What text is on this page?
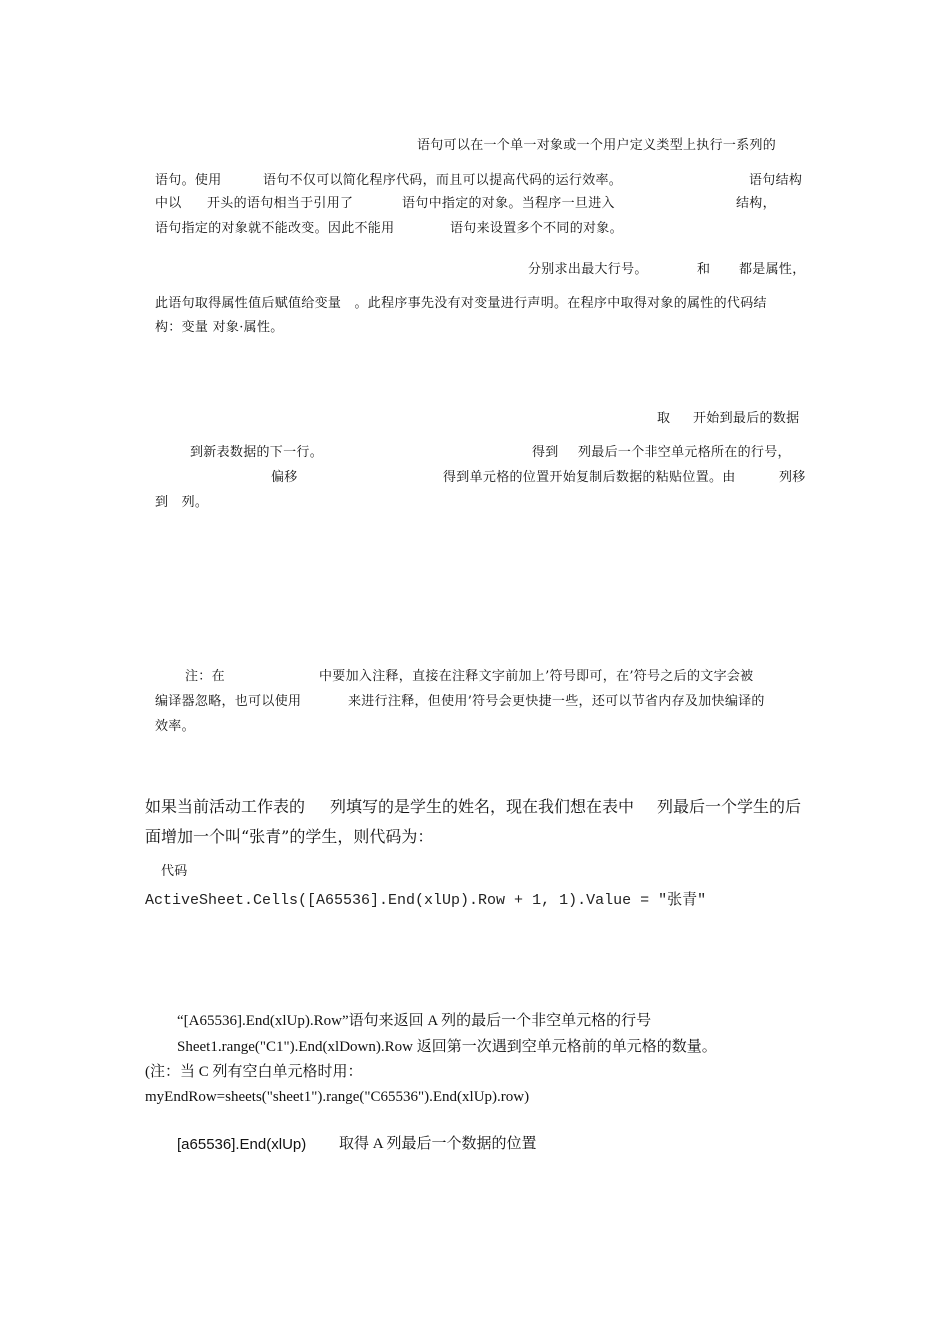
语句可以在一个单一对象或一个用户定义类型上执行一系列的

语句。使用	语句不仅可以简化程序代码，而且可以提高代码的运行效率。	语句结构

中以 开头的语句相当于引用了	语句中指定的对象。当程序一旦进入	结构，

语句指定的对象就不能改变。因此不能用	语句来设置多个不同的对象。

分别求出最大行号。	和 都是属性，

此语句取得属性值后赋值给变量　。此程序事先没有对变量进行声明。在程序中取得对象的属性的代码结

构：变量 对象·属性。

取 开始到最后的数据

到新表数据的下一行。	得到 列最后一个非空单元格所在的行号，

偏移	得到单元格的位置开始复制后数据的粘贴位置。由	列移

到　列。

注：在	中要加入注释，直接在注释文字前加上’符号即可，在’符号之后的文字会被

编译器忽略，也可以使用	来进行注释，但使用’符号会更快捷一些，还可以节省内存及加快编译的

效率。

如果当前活动工作表的 列填写的是学生的姓名，现在我们想在表中 列最后一个学生的后

面增加一个叫“张青”的学生，则代码为：

代码

ActiveSheet.Cells([A65536].End(xlUp).Row + 1, 1).Value = "张青"

“[A65536].End(xlUp).Row”语句来返回 A 列的最后一个非空单元格的行号

Sheet1.range("C1").End(xlDown).Row 返回第一次遇到空单元格前的单元格的数量。

(注：当 C 列有空白单元格时用：

myEndRow=sheets("sheet1").range("C65536").End(xlUp).row)

[a65536].End(xlUp) 取得 A 列最后一个数据的位置
